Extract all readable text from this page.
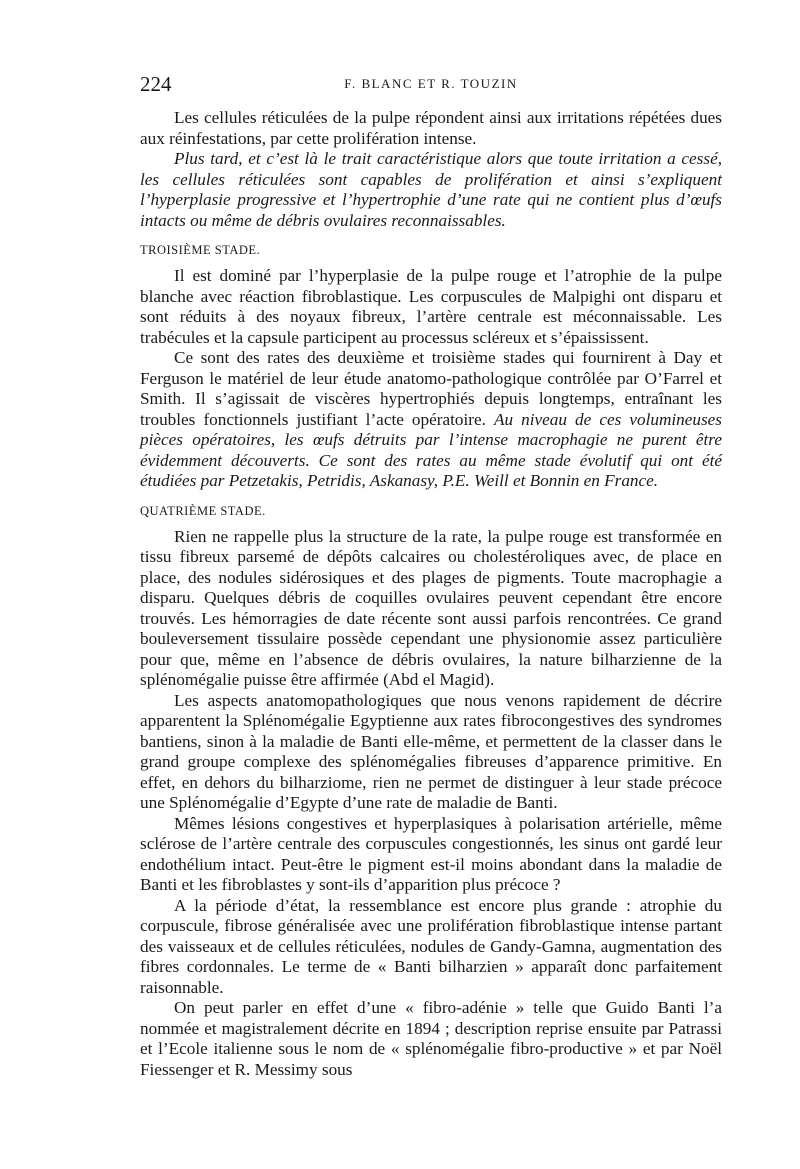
224	F. BLANC ET R. TOUZIN

Les cellules réticulées de la pulpe répondent ainsi aux irritations répétées dues aux réinfestations, par cette prolifération intense.

Plus tard, et c’est là le trait caractéristique alors que toute irritation a cessé, les cellules réticulées sont capables de prolifération et ainsi s’expliquent l’hyperplasie progressive et l’hypertrophie d’une rate qui ne contient plus d’œufs intacts ou même de débris ovulaires reconnaissables.

TROISIÈME STADE.

Il est dominé par l’hyperplasie de la pulpe rouge et l’atrophie de la pulpe blanche avec réaction fibroblastique. Les corpuscules de Malpighi ont disparu et sont réduits à des noyaux fibreux, l’artère centrale est méconnaissable. Les trabécules et la capsule participent au processus scléreux et s’épaississent.

Ce sont des rates des deuxième et troisième stades qui fournirent à Day et Ferguson le matériel de leur étude anatomo-pathologique contrôlée par O’Farrel et Smith. Il s’agissait de viscères hypertrophiés depuis longtemps, entraînant les troubles fonctionnels justifiant l’acte opératoire. Au niveau de ces volumineuses pièces opératoires, les œufs détruits par l’intense macrophagie ne purent être évidemment découverts. Ce sont des rates au même stade évolutif qui ont été étudiées par Petzetakis, Petridis, Askanasy, P.E. Weill et Bonnin en France.

QUATRIÈME STADE.

Rien ne rappelle plus la structure de la rate, la pulpe rouge est transformée en tissu fibreux parsemé de dépôts calcaires ou cholestéroliques avec, de place en place, des nodules sidérosiques et des plages de pigments. Toute macrophagie a disparu. Quelques débris de coquilles ovulaires peuvent cependant être encore trouvés. Les hémorragies de date récente sont aussi parfois rencontrées. Ce grand bouleversement tissulaire possède cependant une physionomie assez particulière pour que, même en l’absence de débris ovulaires, la nature bilharzienne de la splénomégalie puisse être affirmée (Abd el Magid).

Les aspects anatomopathologiques que nous venons rapidement de décrire apparentent la Splénomégalie Egyptienne aux rates fibrocongestives des syndromes bantiens, sinon à la maladie de Banti elle-même, et permettent de la classer dans le grand groupe complexe des splénomégalies fibreuses d’apparence primitive. En effet, en dehors du bilharziome, rien ne permet de distinguer à leur stade précoce une Splénomégalie d’Egypte d’une rate de maladie de Banti.

Mêmes lésions congestives et hyperplasiques à polarisation artérielle, même sclérose de l’artère centrale des corpuscules congestionnés, les sinus ont gardé leur endothélium intact. Peut-être le pigment est-il moins abondant dans la maladie de Banti et les fibroblastes y sont-ils d’apparition plus précoce ?

A la période d’état, la ressemblance est encore plus grande : atrophie du corpuscule, fibrose généralisée avec une prolifération fibroblastique intense partant des vaisseaux et de cellules réticulées, nodules de Gandy-Gamna, augmentation des fibres cordonnales. Le terme de « Banti bilharzien » apparaît donc parfaitement raisonnable.

On peut parler en effet d’une « fibro-adénie » telle que Guido Banti l’a nommée et magistralement décrite en 1894 ; description reprise ensuite par Patrassi et l’Ecole italienne sous le nom de « splénomégalie fibro-productive » et par Noël Fiessenger et R. Messimy sous
